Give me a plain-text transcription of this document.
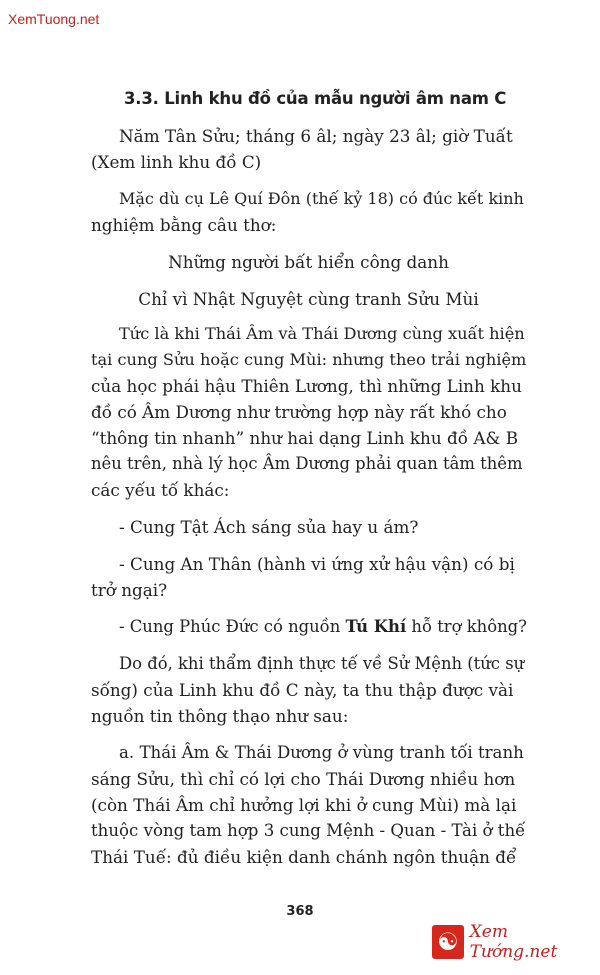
XemTuong.net
3.3. Linh khu đồ của mẫu người âm nam C
Năm Tân Sửu; tháng 6 âl; ngày 23 âl; giờ Tuất
(Xem linh khu đồ C)
Mặc dù cụ Lê Quí Đôn (thế kỷ 18) có đúc kết kinh
nghiệm bằng câu thơ:
Những người bất hiển công danh
Chỉ vì Nhật Nguyệt cùng tranh Sửu Mùi
Tức là khi Thái Âm và Thái Dương cùng xuất hiện
tại cung Sửu hoặc cung Mùi: nhưng theo trải nghiệm
của học phái hậu Thiên Lương, thì những Linh khu
đồ có Âm Dương như trường hợp này rất khó cho
“thông tin nhanh” như hai dạng Linh khu đồ A& B
nêu trên, nhà lý học Âm Dương phải quan tâm thêm
các yếu tố khác:
- Cung Tật Ách sáng sủa hay u ám?
- Cung An Thân (hành vi ứng xử hậu vận) có bị
trở ngại?
- Cung Phúc Đức có nguồn Tú Khí hỗ trợ không?
Do đó, khi thẩm định thực tế về Sử Mệnh (tức sự
sống) của Linh khu đồ C này, ta thu thập được vài
nguồn tin thông thạo như sau:
a. Thái Âm & Thái Dương ở vùng tranh tối tranh
sáng Sửu, thì chỉ có lợi cho Thái Dương nhiều hơn
(còn Thái Âm chỉ hưởng lợi khi ở cung Mùi) mà lại
thuộc vòng tam hợp 3 cung Mệnh - Quan - Tài ở thế
Thái Tuế: đủ điều kiện danh chánh ngôn thuận để
368
☯ Xem Tướng.net
